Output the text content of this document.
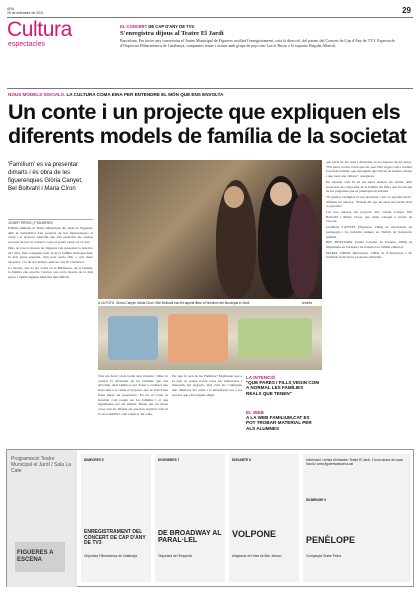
ARA
29 de setembre de 2011	29
Cultura
espectacles
EL CONCERT DE CAP D'ANY DE TV3
S'enregistra dijous al Teatre El Jardí
Barcelona. Per tercer any consecutiu el Teatre Municipal de Figueres acollirà l'enregistrament, sota la direcció, del parent del Concert de Cap d'Any de TV3. Espectacle d'Orquestra Filharmònica de Catalunya, companies teatre i actuar amb grups de pop com Lax'n' Busto o la soprano Begoña Alberdi.
NOUS MODELS SOCIALS. LA CULTURA COMA EINA PER ENTENDRE EL MÓN QUE ENS ENVOLTA
Un conte i un projecte que expliquen els diferents models de família de la societat
'Famílium' es va presentar dimarts i és obra de les figuerenques Glòria Canyet, Bel Boltvahl i Maria Círon
JOSEP PÈRIS | FIGUERES

Família humana al Teatre Municipal del Jardí de Figueres, amb la complicitat d'un projecte de tres figuerenques: el conte i el projecte educatiu que s'ha presentat als centres escolars de tota la comarca i que es podrà veure tot el curs.

Dins de tota la mostra les figueres van presentar la pràctica de l'obra, més coneguda com: la de la família monoparental, la dels pares separats, d'un pare sense fills, o una mare adoptiva, o la de dos homes, amb un cert fil conductor.

La mostra, que es pot veure en la Biblioteca, de la família, la família ens envolta i inclou una certa mostra de la dels pares, i també algunes històries més difícils.

A LA FOTO, Glòria Canyet, Maria Círon i Bel Boltvahl han fet aquest llibre a Famílium del Municipal el Jardí	Andrés
Tots els drets i dels noms dels models i llibre fa constar la diversitat de les famílies que ens envolten. Així també es pot donar a conèixer una mica més a la ciutat el projecte, que és fruit d'una feina llarga de preparació. En tot el conte es mostren com poden ser les famílies i el que signifiquen per als infants. Diuen que en molts casos són els infants els que han explicat com és la seva família i com viuen el dia a dia.
Per què la web de les Famílies? Expliquen que a la web es poden trobar totes les referències i materials del projecte, així com els continguts dels dibuixos del conte i la informació per a les escoles que s'hi vulguin afegir.
LA INTENCIÓ
"QUE PARES I FILLS VEGIN COM A NORMAL LES FAMÍLIES REALS QUE TENEN"
EL WEB
A LA WEB FAMILIUM.CAT ES POT TROBAR MATERIAL PER ALS ALUMNES

que parla de les veus i diversitat en el respecte de les altres. "Els pares sovint volen que els seus fills vegin com a normal la pròpia família; que entenguin que n'hi ha de moltes classes i que totes són vàlides", asseguren.

En aquesta web hi ha un espai dedicat als adults, amb propostes de com parlar de la família als fills i què fer davant de les preguntes que es plantegen els infants.

"El primer exemplar el van presentar i ens va agradar molt", afirmen les autores. "Podem dir que ha estat un treball molt cooperatiu".

Les tres autores del projecte són: Glòria Canyet, Bel Boltvahl i Maria Círon, que s'han conegut a través de l'escola.

GLÒRIA CANYET (Figueres, 1964) és llicenciada en pedagogia i ha treballat sempre en l'àmbit de l'educació infantil.

BEL BOLTVAHL (Santa Coloma de Farners, 1966) és diplomada en Turisme i ha treballat en l'àmbit editorial.

MARIA CÍRON (Barcelona, 1963) és il·lustradora i ha treballat en diversos projectes editorials.

Programació Teatre Municipal el Jardí / Sala La Cate
FIGUERES A ESCENA
DIMECRES 5
ENREGISTRAMENT DEL CONCERT DE CAP D'ANY DE TV3
Orquestra Filharmònica de Catalunya
DIVENDRES 7
DE BROADWAY AL PARAL·LEL
Orquestra de l'Empordà
DISSABTE 8
VOLPONE
Adaptació de l'obra de Ben Jonson
Informació i venda d'entrades: Teatre El Jardí, 1 hora abans de cada funció i www.figueresaescena.cat
DIUMENGE 9
PENÈLOPE
Companyia Teatre Fedra
